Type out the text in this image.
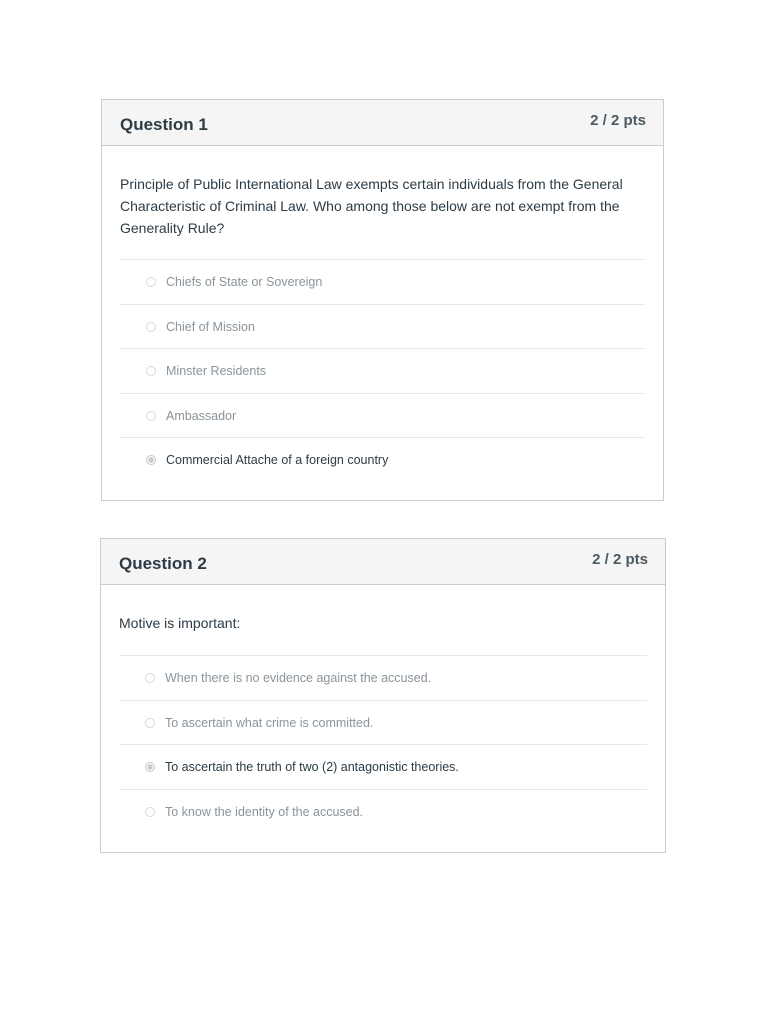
Question 1	2 / 2 pts
Principle of Public International Law exempts certain individuals from the General Characteristic of Criminal Law. Who among those below are not exempt from the Generality Rule?
Chiefs of State or Sovereign
Chief of Mission
Minster Residents
Ambassador
Commercial Attache of a foreign country
Question 2	2 / 2 pts
Motive is important:
When there is no evidence against the accused.
To ascertain what crime is committed.
To ascertain the truth of two (2) antagonistic theories.
To know the identity of the accused.
